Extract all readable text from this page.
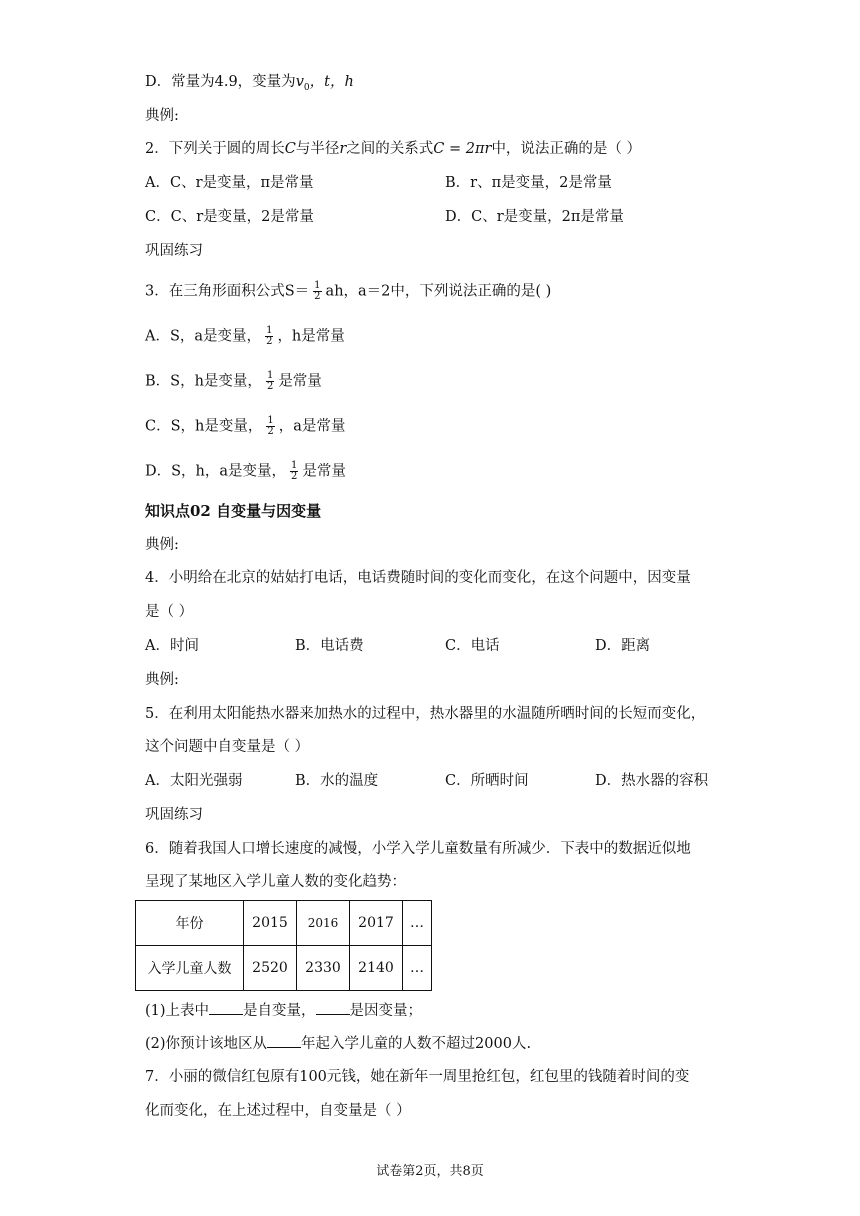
D．常量为4.9，变量为$v_0$，t，h
典例:
2．下列关于圆的周长C与半径r之间的关系式C = 2πr中，说法正确的是（ ）
A．C、r是变量，π是常量	B．r、π是变量，2是常量
C．C、r是变量，2是常量	D．C、r是变量，2π是常量
巩固练习
3．在三角形面积公式$S= \frac{1}{2}$ ah，a＝2中，下列说法正确的是( )
A．S，a是变量， $\frac{1}{2}$ ，h是常量
B．S，h是变量， $\frac{1}{2}$ 是常量
C．S，h是变量， $\frac{1}{2}$ ，a是常量
D．S，h，a是变量， $\frac{1}{2}$ 是常量
知识点02 自变量与因变量
典例:
4．小明给在北京的姑姑打电话，电话费随时间的变化而变化，在这个问题中，因变量
是（ ）
A．时间	B．电话费	C．电话	D．距离
典例:
5．在利用太阳能热水器来加热水的过程中，热水器里的水温随所晒时间的长短而变化，
这个问题中自变量是（ ）
A．太阳光强弱	B．水的温度	C．所晒时间	D．热水器的容积
巩固练习
6．随着我国人口增长速度的减慢，小学入学儿童数量有所减少．下表中的数据近似地
呈现了某地区入学儿童人数的变化趋势：
年份	2015	2016	2017	…
入学儿童人数	2520	2330	2140	…
(1)上表中 是自变量， 是因变量；
(2)你预计该地区从 年起入学儿童的人数不超过2000人.
7．小丽的微信红包原有100元钱，她在新年一周里抢红包，红包里的钱随着时间的变
化而变化，在上述过程中，自变量是（ ）
试卷第2页，共8页
